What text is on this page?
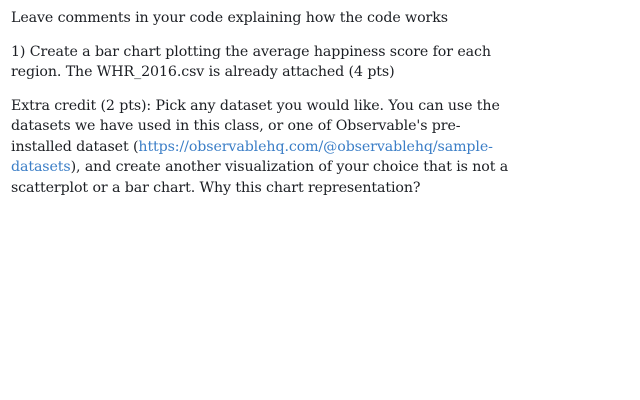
Leave comments in your code explaining how the code works

1) Create a bar chart plotting the average happiness score for each region. The WHR_2016.csv is already attached (4 pts)

Extra credit (2 pts): Pick any dataset you would like. You can use the datasets we have used in this class, or one of Observable's pre-installed dataset (https://observablehq.com/@observablehq/sample-datasets), and create another visualization of your choice that is not a scatterplot or a bar chart. Why this chart representation?
